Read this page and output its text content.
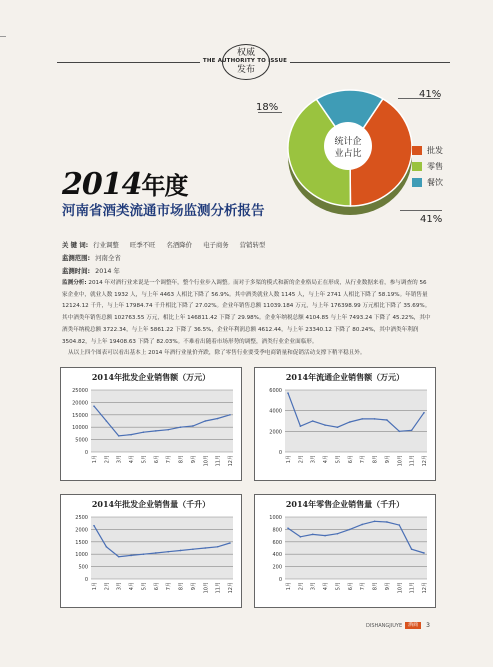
权威
发布
THE AUTHORITY TO ISSUE
统计企
业占比
18%
41%
41%
批发
零售
餐饮
2014年度
河南省酒类流通市场监测分析报告
关 键 词: 行业调整 旺季不旺 名酒降价 电子商务 营销转型
监测范围: 河南全省
监测时间: 2014 年

监测分析: 2014 年对酒行业来说是一个调整年，整个行业步入调整。而对于多渠的模式和新的企业格局正在形成，从行业数据来看，参与调查的 56 家企业中，就业人数 1932 人，与上年 4463 人相比下降了 56.9%。其中酒类就业人数 1145 人，与上年 2741 人相比下降了 58.19%。年销售量 12124.12 千升，与上年 17984.74 千升相比下降了 27.02%。企业年销售总额 11039.184 万元，与上年 176398.99 万元相比下降了 35.69%。其中酒类年销售总额 102763.55 万元，相比上年 146811.42 下降了 29.98%。企业年纳税总额 4104.85 与上年 7493.24 下降了 45.22%，其中酒类年纳税总额 3722.34，与上年 5861.22 下降了 36.5%，企业年利润总额 4612.44，与上年 23340.12 下降了 80.24%，其中酒类年利润 3504.82，与上年 19408.63 下降了 82.03%。不难看出随着市场形势的调整，酒类行业企业面临形。

从以上四个图表可以看出基本上 2014 年酒行业量价齐跌，除了零售行业要受季电商销量和促销活动支撑下稍平稳且外。

2014年批发企业销售额（万元）
0
5000
10000
15000
20000
25000
1月 2月 3月 4月 5月 6月 7月 8月 9月 10月 11月 12月
2014年流通企业销售额（万元）
0
2000
4000
6000
1月 2月 3月 4月 5月 6月 7月 8月 9月 10月 11月 12月
2014年批发企业销售量（千升）
0
500
1000
1500
2000
2500
1月 2月 3月 4月 5月 6月 7月 8月 9月 10月 11月 12月
2014年零售企业销售量（千升）
0
200
400
600
800
1000
1月 2月 3月 4月 5月 6月 7月 8月 9月 10月 11月 12月
DISHANGJIUYE	酒商	3
